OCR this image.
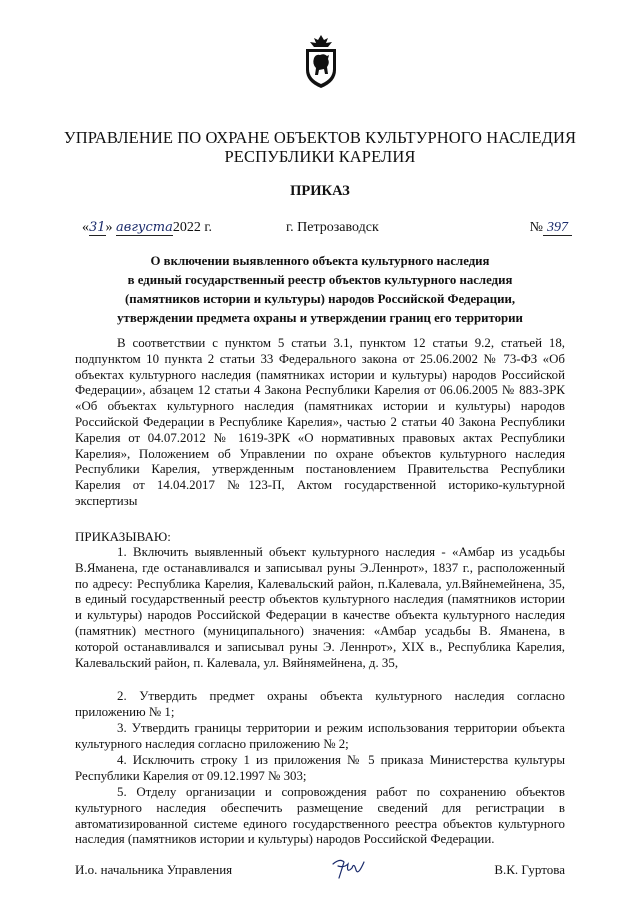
УПРАВЛЕНИЕ ПО ОХРАНЕ ОБЪЕКТОВ КУЛЬТУРНОГО НАСЛЕДИЯ
РЕСПУБЛИКИ КАРЕЛИЯ
ПРИКАЗ
«31» августа2022 г.	г. Петрозаводск	№ 397
О включении выявленного объекта культурного наследия
в единый государственный реестр объектов культурного наследия
(памятников истории и культуры) народов Российской Федерации,
утверждении предмета охраны и утверждении границ его территории
В соответствии с пунктом 5 статьи 3.1, пунктом 12 статьи 9.2, статьей 18, подпунктом 10 пункта 2 статьи 33 Федерального закона от 25.06.2002 № 73-ФЗ «Об объектах культурного наследия (памятниках истории и культуры) народов Российской Федерации», абзацем 12 статьи 4 Закона Республики Карелия от 06.06.2005 № 883-ЗРК «Об объектах культурного наследия (памятниках истории и культуры) народов Российской Федерации в Республике Карелия», частью 2 статьи 40 Закона Республики Карелия от 04.07.2012 № 1619-ЗРК «О нормативных правовых актах Республики Карелия», Положением об Управлении по охране объектов культурного наследия Республики Карелия, утвержденным постановлением Правительства Республики Карелия от 14.04.2017 №123-П, Актом государственной историко-культурной экспертизы
ПРИКАЗЫВАЮ:
1. Включить выявленный объект культурного наследия - «Амбар из усадьбы В.Яманена, где останавливался и записывал руны Э.Леннрот», 1837 г., расположенный по адресу: Республика Карелия, Калевальский район, п.Калевала, ул.Вяйнемейнена, 35, в единый государственный реестр объектов культурного наследия (памятников истории и культуры) народов Российской Федерации в качестве объекта культурного наследия (памятник) местного (муниципального) значения: «Амбар усадьбы В. Яманена, в которой останавливался и записывал руны Э. Леннрот», XIX в., Республика Карелия, Калевальский район, п. Калевала, ул. Вяйнямейнена, д. 35,
2. Утвердить предмет охраны объекта культурного наследия согласно приложению № 1;
3. Утвердить границы территории и режим использования территории объекта культурного наследия согласно приложению № 2;
4. Исключить строку 1 из приложения № 5 приказа Министерства культуры Республики Карелия от 09.12.1997 № 303;
5. Отделу организации и сопровождения работ по сохранению объектов культурного наследия обеспечить размещение сведений для регистрации в автоматизированной системе единого государственного реестра объектов культурного наследия (памятников истории и культуры) народов Российской Федерации.
И.о. начальника Управления	В.К. Гуртова
